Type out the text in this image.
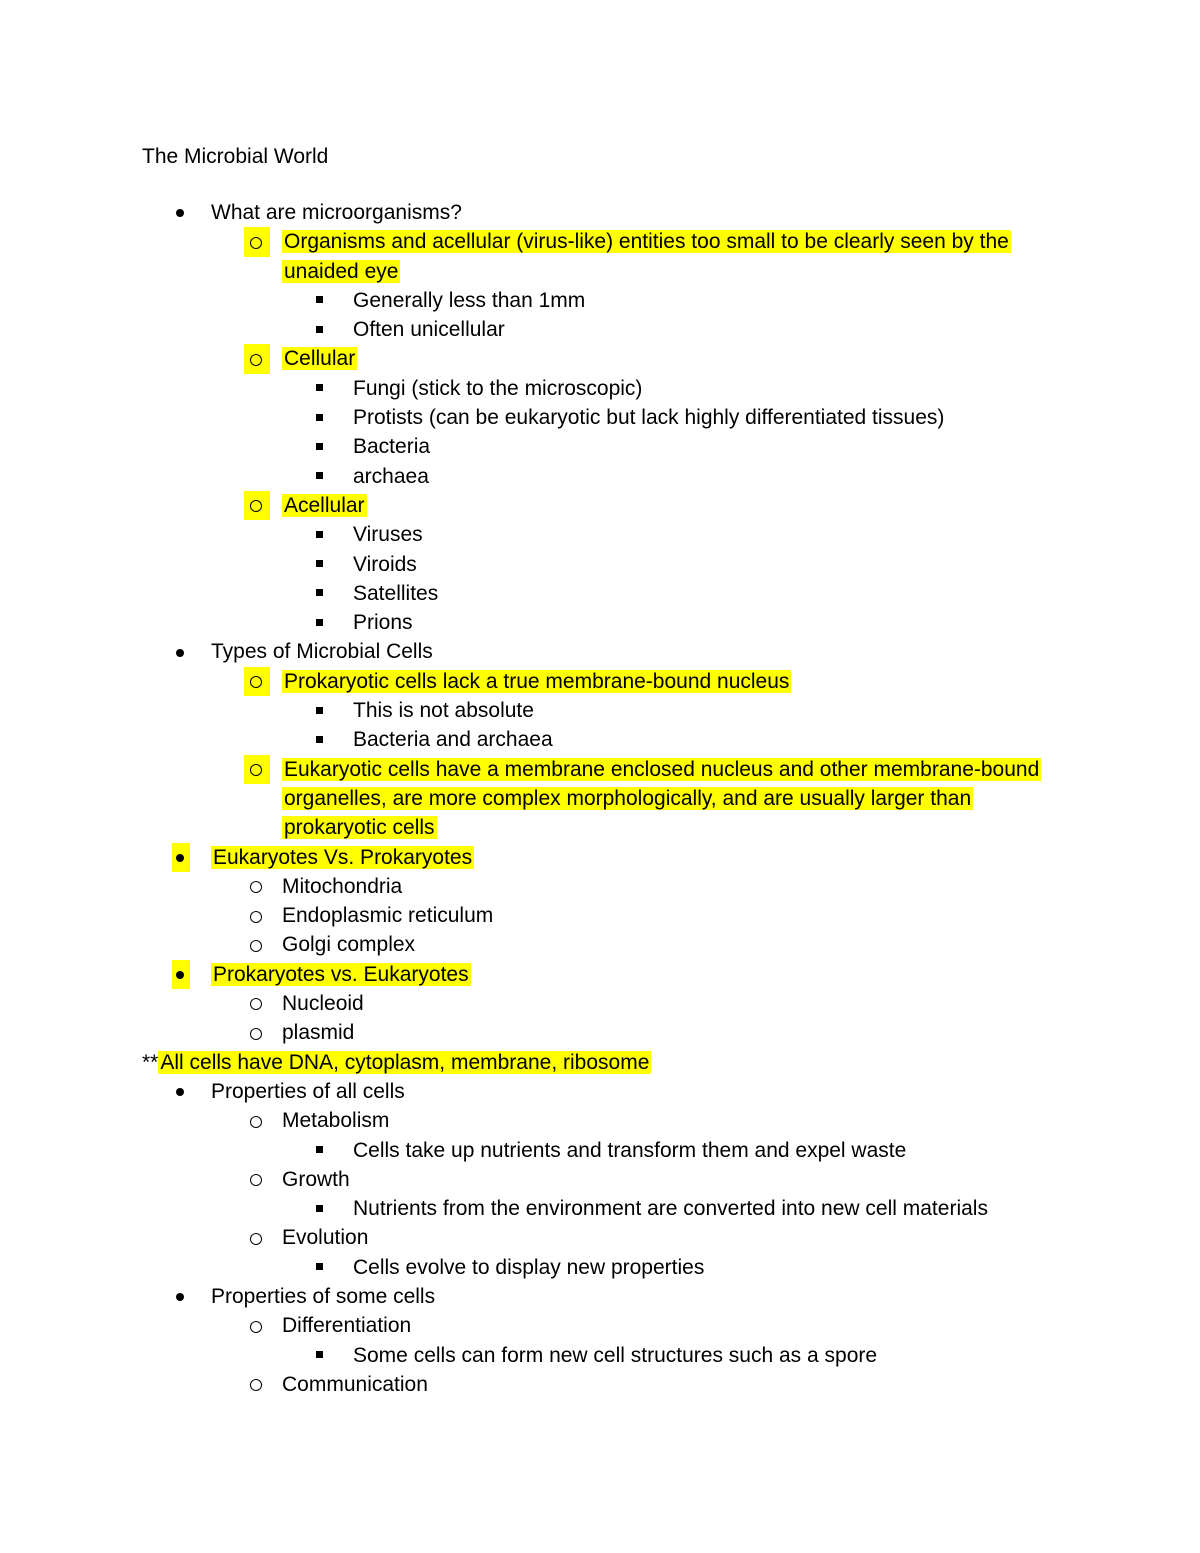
The Microbial World
What are microorganisms?
Organisms and acellular (virus-like) entities too small to be clearly seen by the unaided eye
Generally less than 1mm
Often unicellular
Cellular
Fungi (stick to the microscopic)
Protists (can be eukaryotic but lack highly differentiated tissues)
Bacteria
archaea
Acellular
Viruses
Viroids
Satellites
Prions
Types of Microbial Cells
Prokaryotic cells lack a true membrane-bound nucleus
This is not absolute
Bacteria and archaea
Eukaryotic cells have a membrane enclosed nucleus and other membrane-bound organelles, are more complex morphologically, and are usually larger than prokaryotic cells
Eukaryotes Vs. Prokaryotes
Mitochondria
Endoplasmic reticulum
Golgi complex
Prokaryotes vs. Eukaryotes
Nucleoid
plasmid
**All cells have DNA, cytoplasm, membrane, ribosome
Properties of all cells
Metabolism
Cells take up nutrients and transform them and expel waste
Growth
Nutrients from the environment are converted into new cell materials
Evolution
Cells evolve to display new properties
Properties of some cells
Differentiation
Some cells can form new cell structures such as a spore
Communication
